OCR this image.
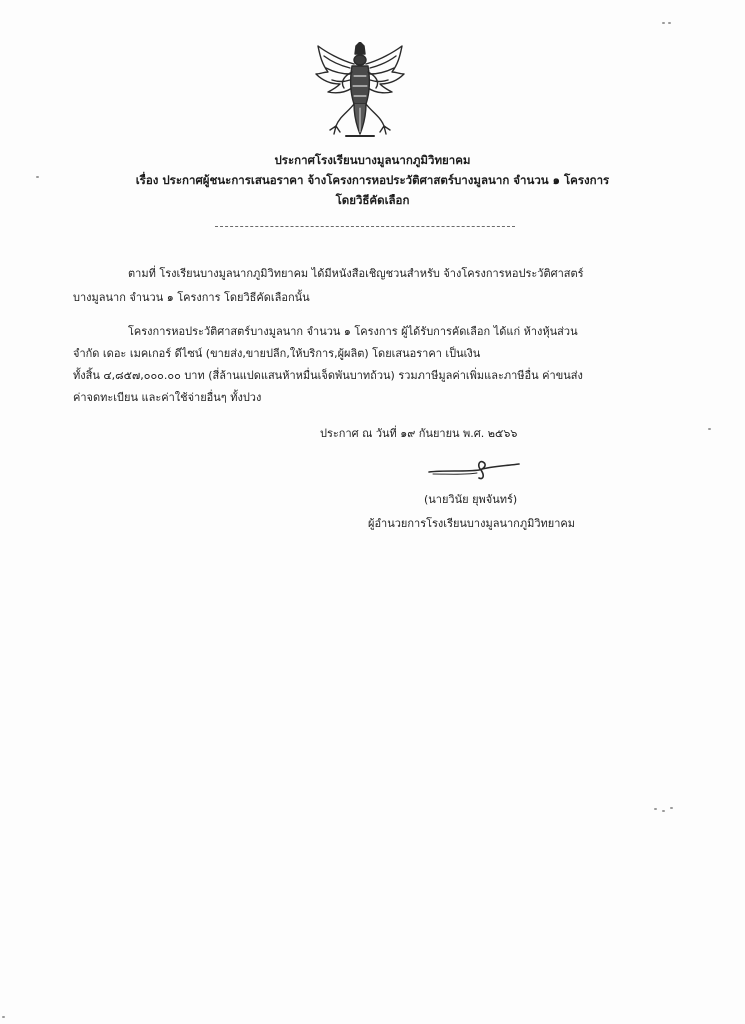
ประกาศโรงเรียนบางมูลนากภูมิวิทยาคม
เรื่อง ประกาศผู้ชนะการเสนอราคา จ้างโครงการหอประวัติศาสตร์บางมูลนาก จำนวน ๑ โครงการ
โดยวิธีคัดเลือก
ตามที่ โรงเรียนบางมูลนากภูมิวิทยาคม ได้มีหนังสือเชิญชวนสำหรับ จ้างโครงการหอประวัติศาสตร์
บางมูลนาก จำนวน ๑ โครงการ โดยวิธีคัดเลือกนั้น
โครงการหอประวัติศาสตร์บางมูลนาก จำนวน ๑ โครงการ ผู้ได้รับการคัดเลือก ได้แก่ ห้างหุ้นส่วน
จำกัด เดอะ เมคเกอร์ ดีไซน์ (ขายส่ง,ขายปลีก,ให้บริการ,ผู้ผลิต) โดยเสนอราคา เป็นเงิน
ทั้งสิ้น ๔,๘๕๗,๐๐๐.๐๐ บาท (สี่ล้านแปดแสนห้าหมื่นเจ็ดพันบาทถ้วน) รวมภาษีมูลค่าเพิ่มและภาษีอื่น ค่าขนส่ง
ค่าจดทะเบียน และค่าใช้จ่ายอื่นๆ ทั้งปวง
ประกาศ ณ วันที่ ๑๙ กันยายน พ.ศ. ๒๕๖๖
(นายวินัย ยุพจันทร์)
ผู้อำนวยการโรงเรียนบางมูลนากภูมิวิทยาคม
